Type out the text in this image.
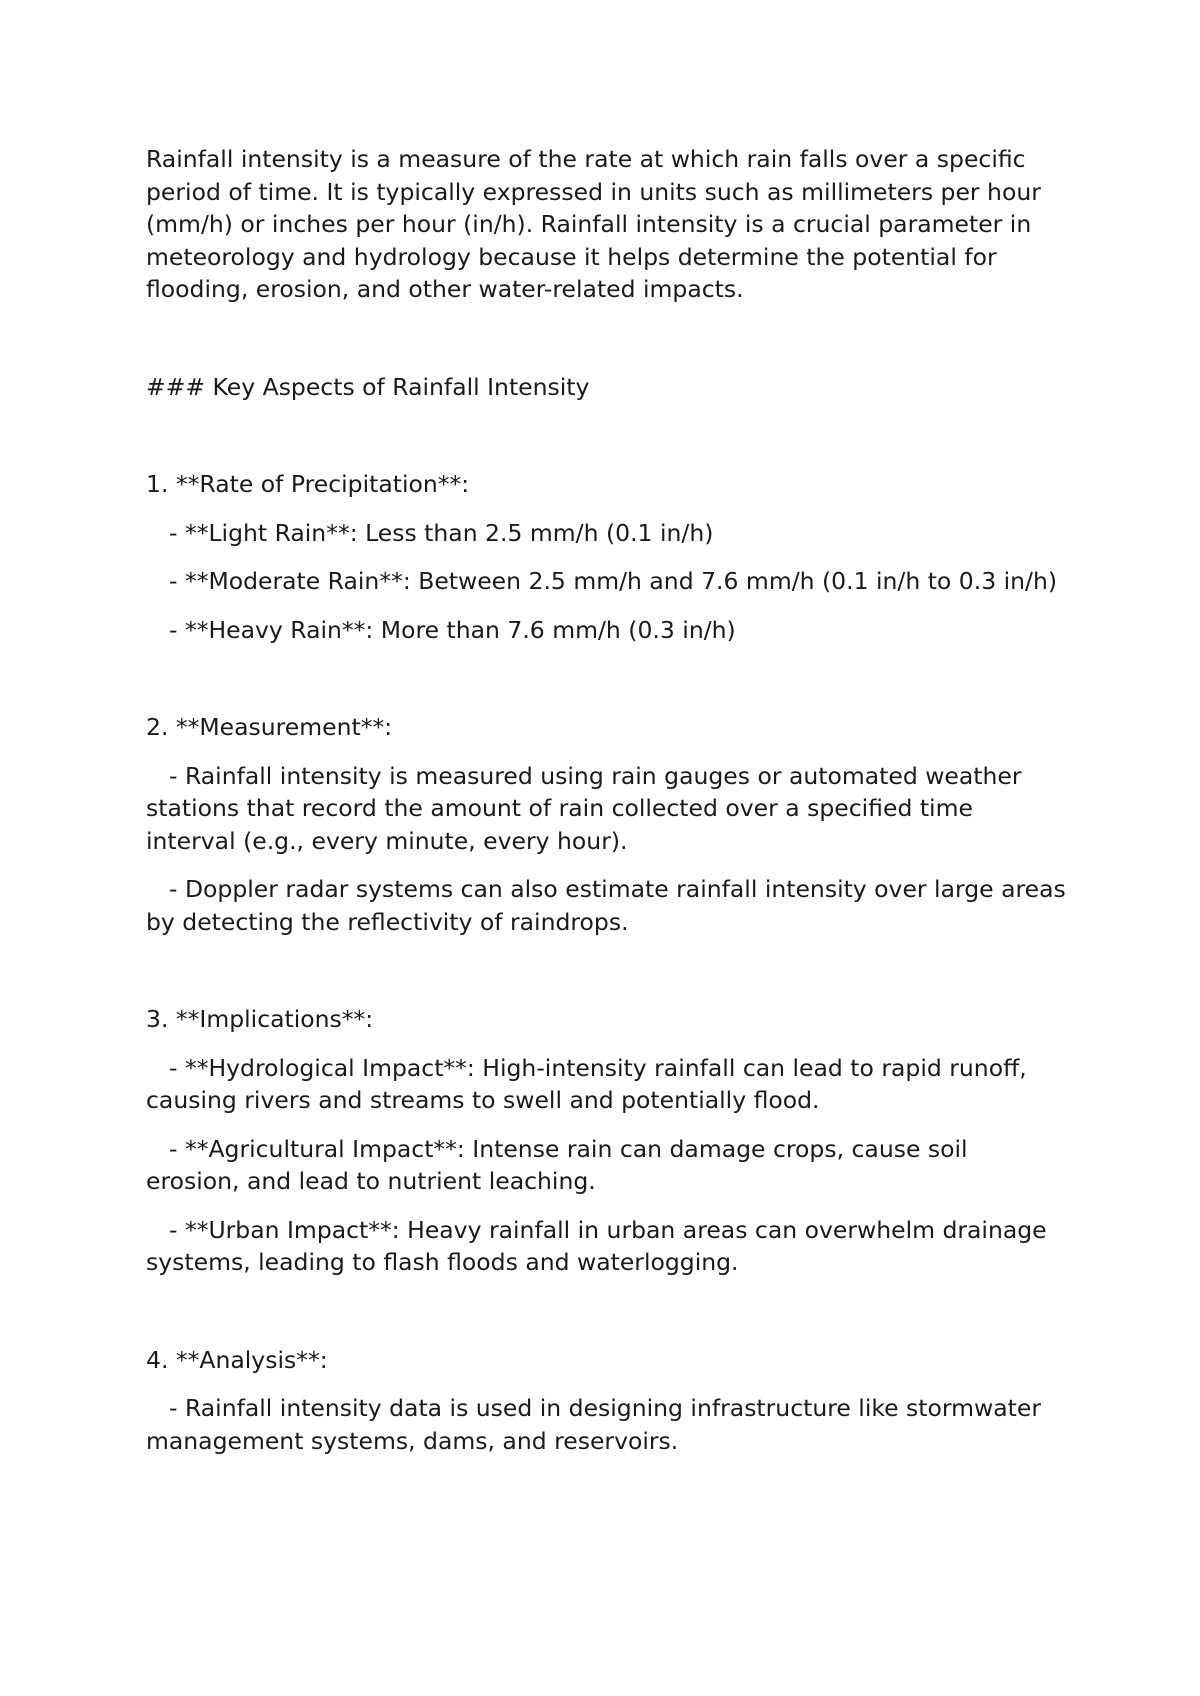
Rainfall intensity is a measure of the rate at which rain falls over a specific period of time. It is typically expressed in units such as millimeters per hour (mm/h) or inches per hour (in/h). Rainfall intensity is a crucial parameter in meteorology and hydrology because it helps determine the potential for flooding, erosion, and other water-related impacts.

### Key Aspects of Rainfall Intensity

1. **Rate of Precipitation**:

- **Light Rain**: Less than 2.5 mm/h (0.1 in/h)

- **Moderate Rain**: Between 2.5 mm/h and 7.6 mm/h (0.1 in/h to 0.3 in/h)

- **Heavy Rain**: More than 7.6 mm/h (0.3 in/h)

2. **Measurement**:

- Rainfall intensity is measured using rain gauges or automated weather stations that record the amount of rain collected over a specified time interval (e.g., every minute, every hour).

- Doppler radar systems can also estimate rainfall intensity over large areas by detecting the reflectivity of raindrops.

3. **Implications**:

- **Hydrological Impact**: High-intensity rainfall can lead to rapid runoff, causing rivers and streams to swell and potentially flood.

- **Agricultural Impact**: Intense rain can damage crops, cause soil erosion, and lead to nutrient leaching.

- **Urban Impact**: Heavy rainfall in urban areas can overwhelm drainage systems, leading to flash floods and waterlogging.

4. **Analysis**:

- Rainfall intensity data is used in designing infrastructure like stormwater management systems, dams, and reservoirs.
